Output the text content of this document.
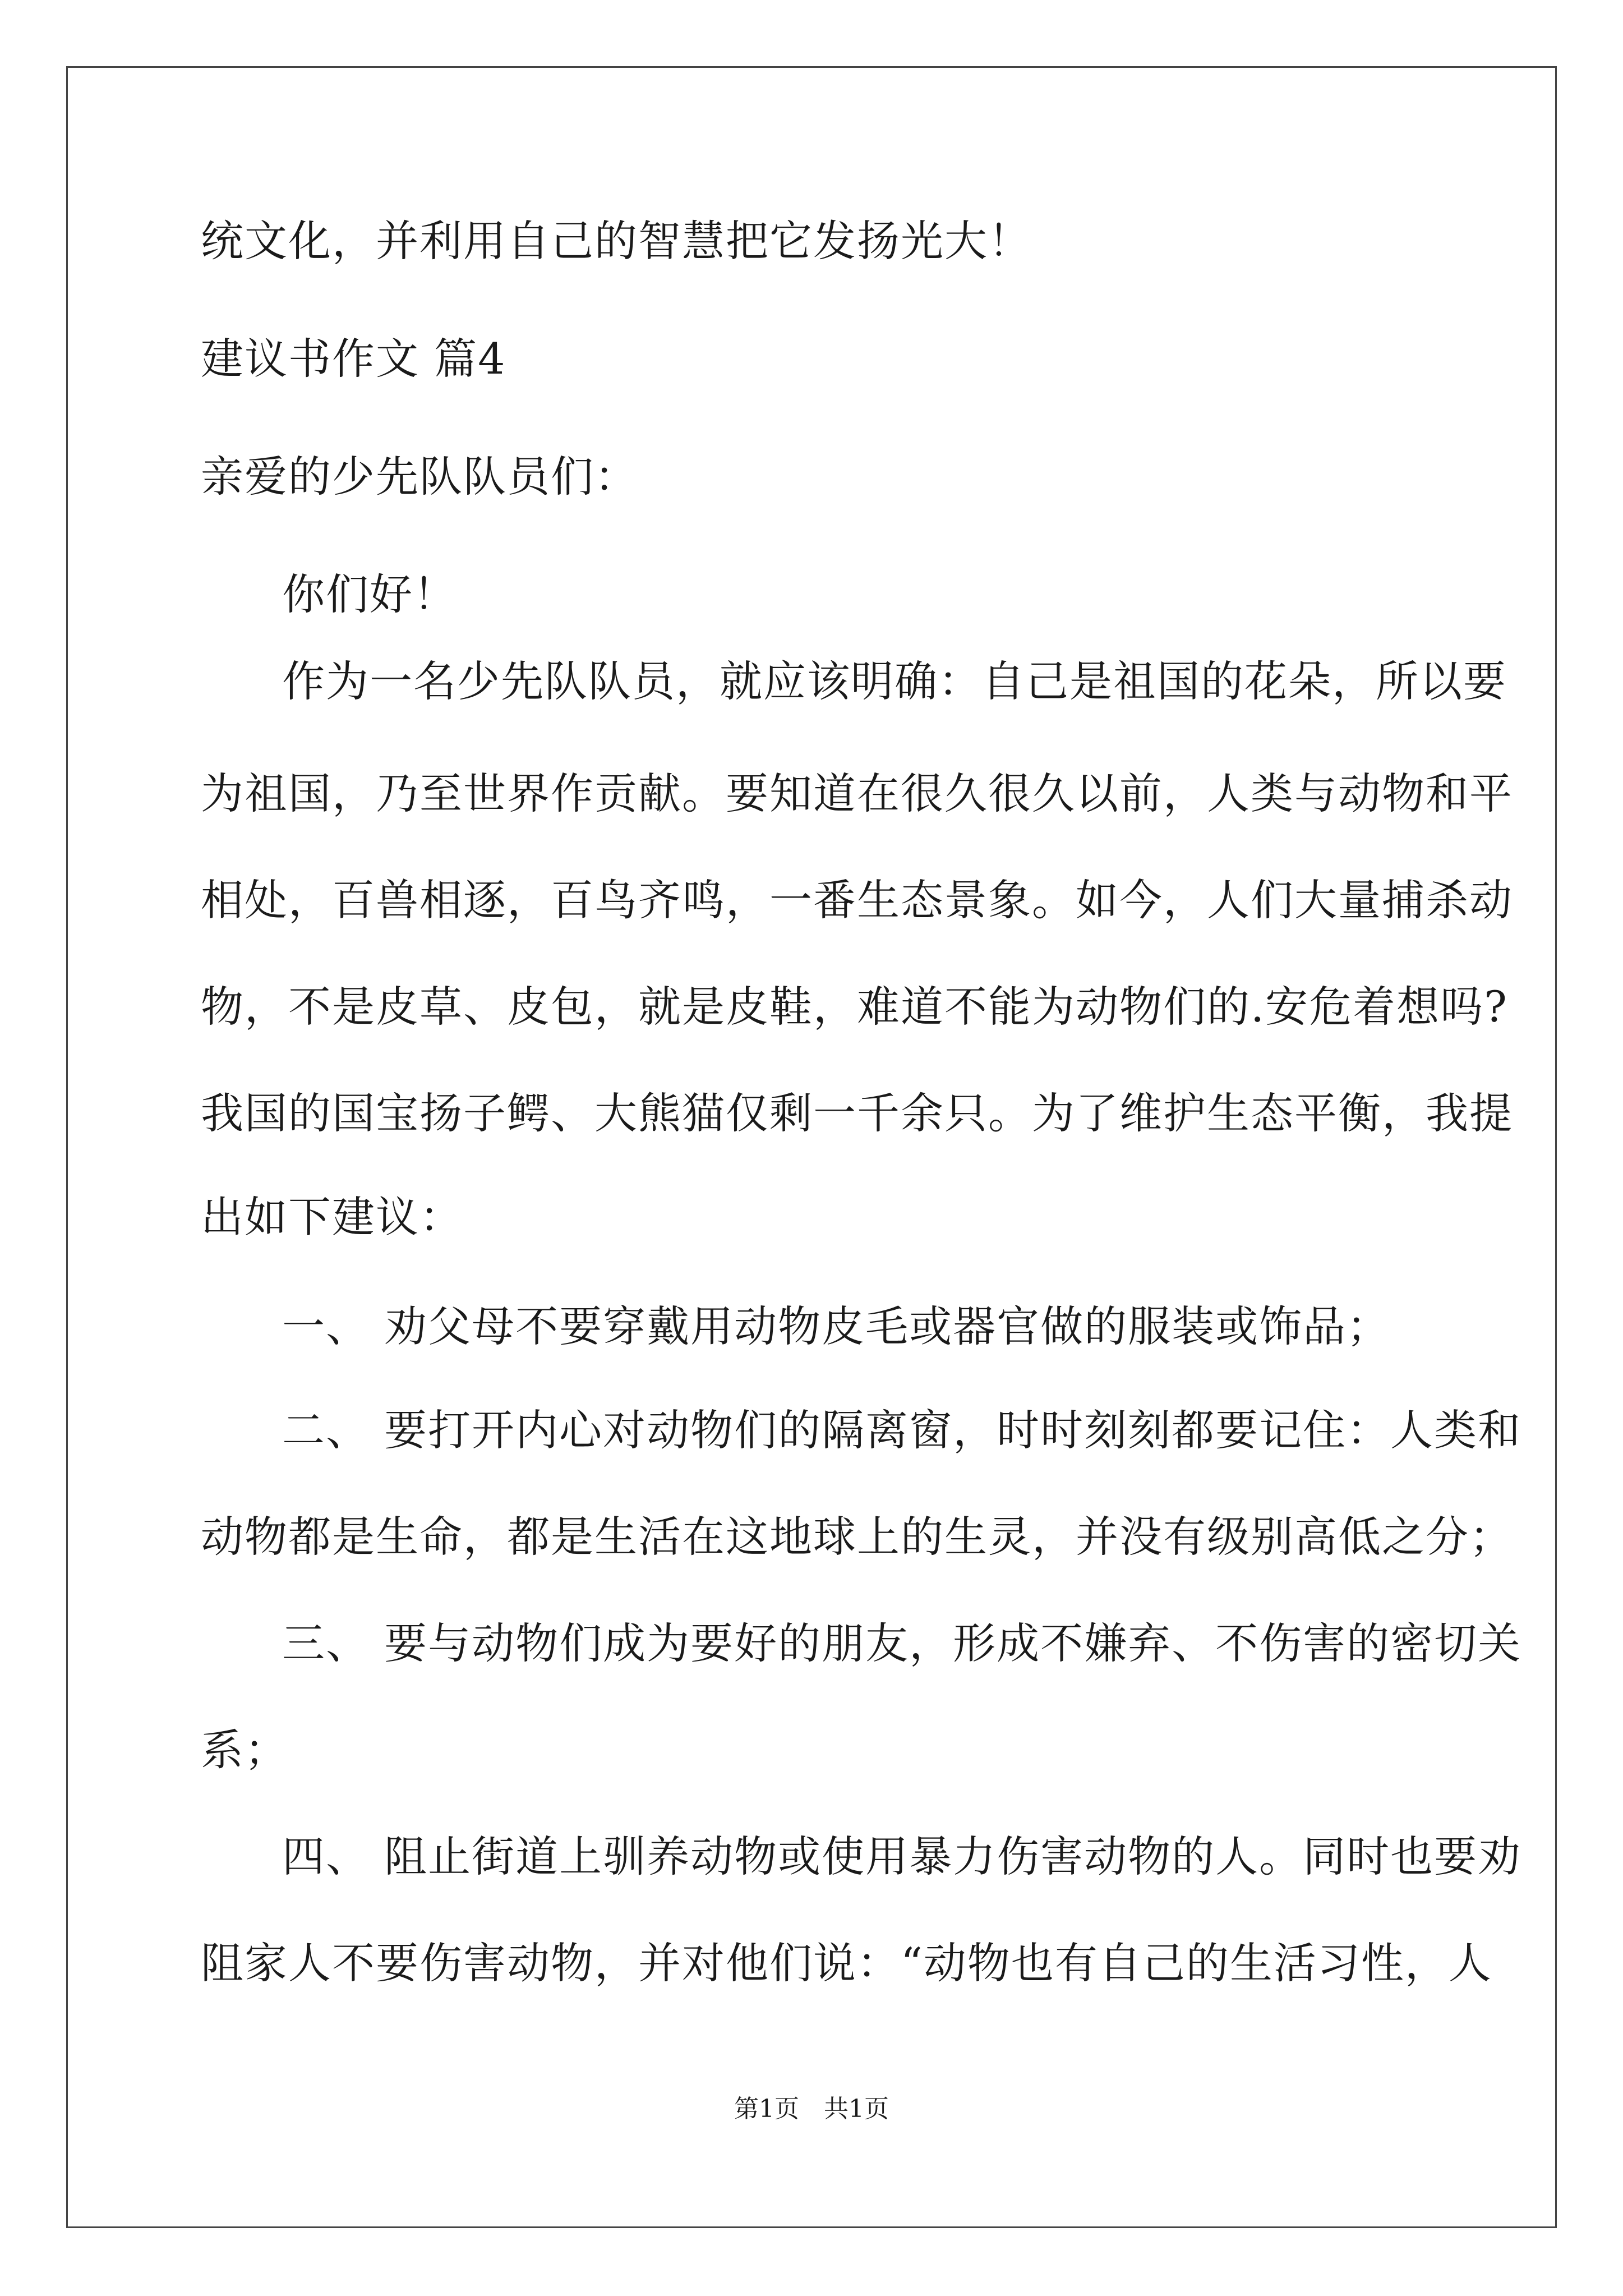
统文化，并利用自己的智慧把它发扬光大！
建议书作文 篇4
亲爱的少先队队员们：
你们好！
作为一名少先队队员，就应该明确：自己是祖国的花朵，所以要
为祖国，乃至世界作贡献。要知道在很久很久以前，人类与动物和平
相处，百兽相逐，百鸟齐鸣，一番生态景象。如今，人们大量捕杀动
物，不是皮草、皮包，就是皮鞋，难道不能为动物们的.安危着想吗?
我国的国宝扬子鳄、大熊猫仅剩一千余只。为了维护生态平衡，我提
出如下建议：
一、 劝父母不要穿戴用动物皮毛或器官做的服装或饰品；
二、 要打开内心对动物们的隔离窗，时时刻刻都要记住：人类和
动物都是生命，都是生活在这地球上的生灵，并没有级别高低之分；
三、 要与动物们成为要好的朋友，形成不嫌弃、不伤害的密切关
系；
四、 阻止街道上驯养动物或使用暴力伤害动物的人。同时也要劝
阻家人不要伤害动物，并对他们说：“动物也有自己的生活习性，人
第1页　共1页
